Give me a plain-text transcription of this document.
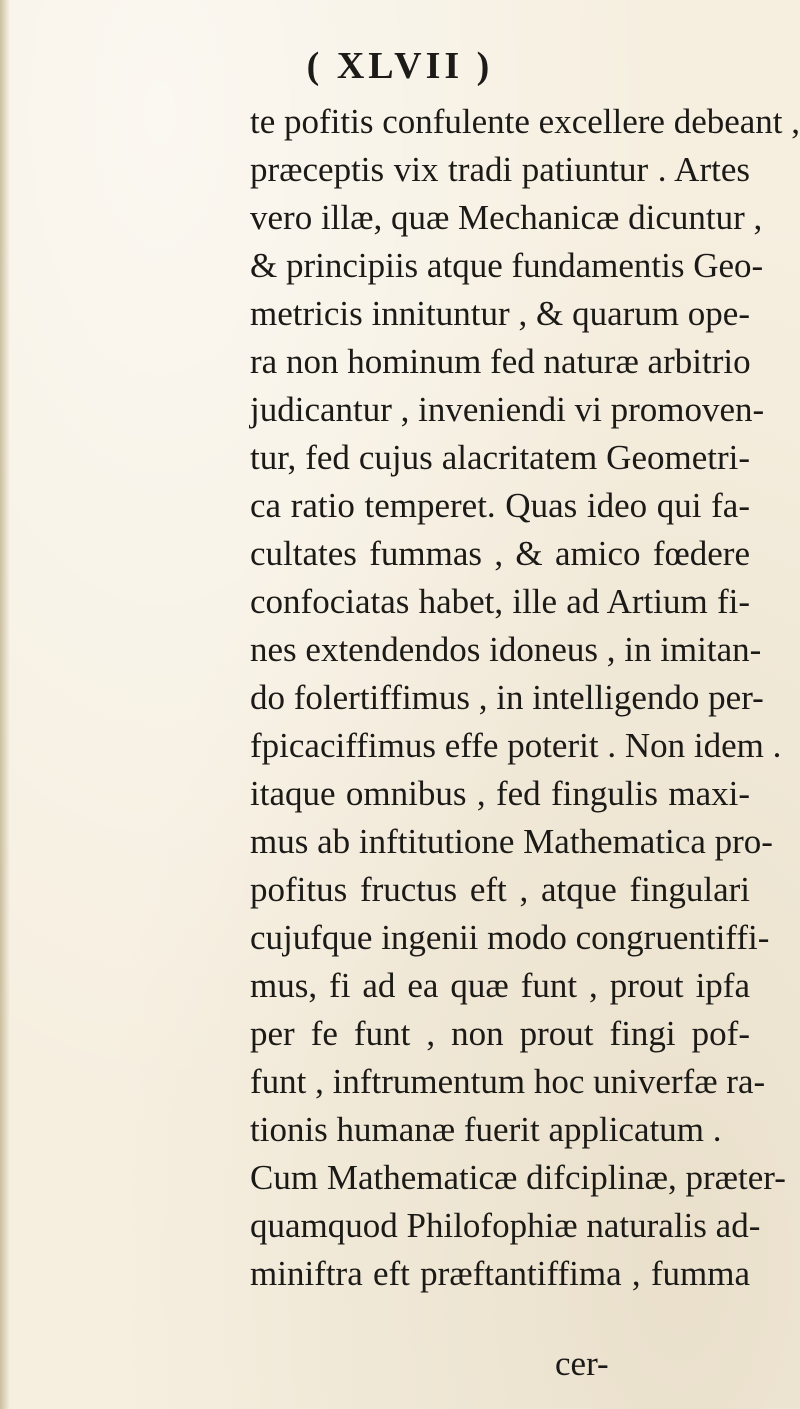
( XLVII )
te pofitis confulente excellere debeant ,
præceptis vix tradi patiuntur . Artes
vero illæ, quæ Mechanicæ dicuntur ,
& principiis atque fundamentis Geo-
metricis innituntur , & quarum ope-
ra non hominum fed naturæ arbitrio
judicantur , inveniendi vi promoven-
tur, fed cujus alacritatem Geometri-
ca ratio temperet. Quas ideo qui fa-
cultates fummas , & amico fœdere
confociatas habet, ille ad Artium fi-
nes extendendos idoneus , in imitan-
do folertiffimus , in intelligendo per-
fpicaciffimus effe poterit . Non idem .
itaque omnibus , fed fingulis maxi-
mus ab inftitutione Mathematica pro-
pofitus fructus eft , atque fingulari
cujufque ingenii modo congruentiffi-
mus, fi ad ea quæ funt , prout ipfa
per fe funt , non prout fingi pof-
funt , inftrumentum hoc univerfæ ra-
tionis humanæ fuerit applicatum .
Cum Mathematicæ difciplinæ, præter-
quamquod Philofophiæ naturalis ad-
miniftra eft præftantiffima , fumma
cer-
